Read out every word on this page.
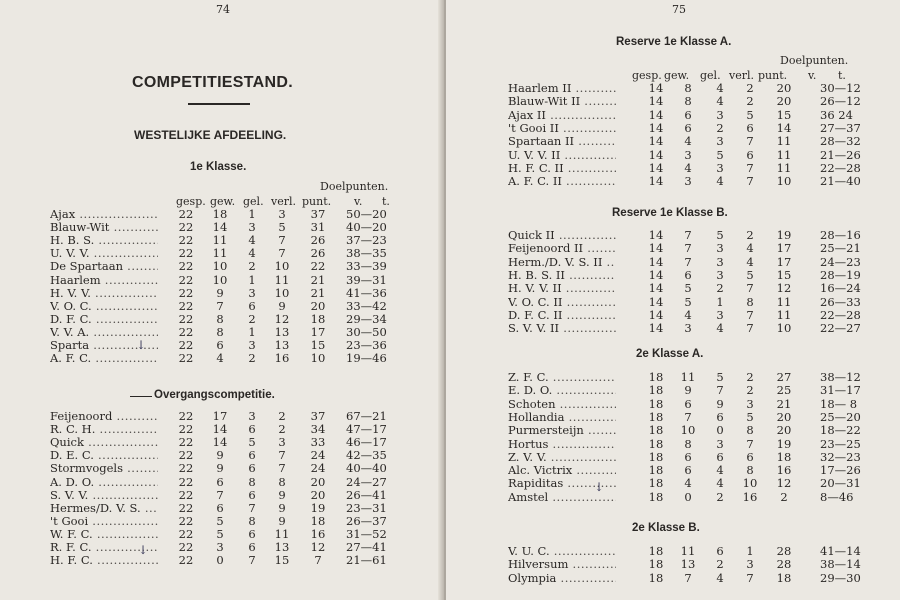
74
COMPETITIESTAND.
WESTELIJKE AFDEELING.
1e Klasse.
Doelpunten.
gesp. gew. gel. verl. punt. v. t.
Ajax .....	22	18	1	3	37	50—20
Blauw-Wit .....	22	14	3	5	31	40—20
H. B. S. .....	22	11	4	7	26	37—23
U. V. V. .....	22	11	4	7	26	38—35
De Spartaan .....	22	10	2	10	22	33—39
Haarlem .....	22	10	1	11	21	39—31
H. V. V. .....	22	9	3	10	21	41—36
V. O. C. .....	22	7	6	9	20	33—42
D. F. C. .....	22	8	2	12	18	29—34
V. V. A. .....	22	8	1	13	17	30—50
Sparta .....	22	6	3	13	15	23—36
A. F. C. .....	22	4	2	16	10	19—46
Overgangscompetitie.
Feijenoord .....	22	17	3	2	37	67—21
R. C. H. .....	22	14	6	2	34	47—17
Quick .....	22	14	5	3	33	46—17
D. E. C. .....	22	9	6	7	24	42—35
Stormvogels .....	22	9	6	7	24	40—40
A. D. O. .....	22	6	8	8	20	24—27
S. V. V. .....	22	7	6	9	20	26—41
Hermes/D. V. S. .....	22	6	7	9	19	23—31
't Gooi .....	22	5	8	9	18	26—37
W. F. C. .....	22	5	6	11	16	31—52
R. F. C. .....	22	3	6	13	12	27—41
H. F. C. .....	22	0	7	15	7	21—61
↓
↓
75
Reserve 1e Klasse A.
Doelpunten.
gesp. gew. gel. verl. punt. v. t.
Haarlem II .....	14	8	4	2	20	30—12
Blauw-Wit II .....	14	8	4	2	20	26—12
Ajax II .....	14	6	3	5	15	36 24
't Gooi II .....	14	6	2	6	14	27—37
Spartaan II .....	14	4	3	7	11	28—32
U. V. V. II .....	14	3	5	6	11	21—26
H. F. C. II .....	14	4	3	7	11	22—28
A. F. C. II .....	14	3	4	7	10	21—40
Reserve 1e Klasse B.
Quick II .....	14	7	5	2	19	28—16
Feijenoord II .....	14	7	3	4	17	25—21
Herm./D. V. S. II .....	14	7	3	4	17	24—23
H. B. S. II .....	14	6	3	5	15	28—19
H. V. V. II .....	14	5	2	7	12	16—24
V. O. C. II .....	14	5	1	8	11	26—33
D. F. C. II .....	14	4	3	7	11	22—28
S. V. V. II .....	14	3	4	7	10	22—27
2e Klasse A.
Z. F. C. .....	18	11	5	2	27	38—12
E. D. O. .....	18	9	7	2	25	31—17
Schoten .....	18	6	9	3	21	18— 8
Hollandia .....	18	7	6	5	20	25—20
Purmersteijn .....	18	10	0	8	20	18—22
Hortus .....	18	8	3	7	19	23—25
Z. V. V. .....	18	6	6	6	18	32—23
Alc. Victrix .....	18	6	4	8	16	17—26
Rapiditas .....	18	4	4	10	12	20—31
Amstel .....	18	0	2	16	2	8—46
2e Klasse B.
V. U. C. .....	18	11	6	1	28	41—14
Hilversum .....	18	13	2	3	28	38—14
Olympia .....	18	7	4	7	18	29—30
↓
